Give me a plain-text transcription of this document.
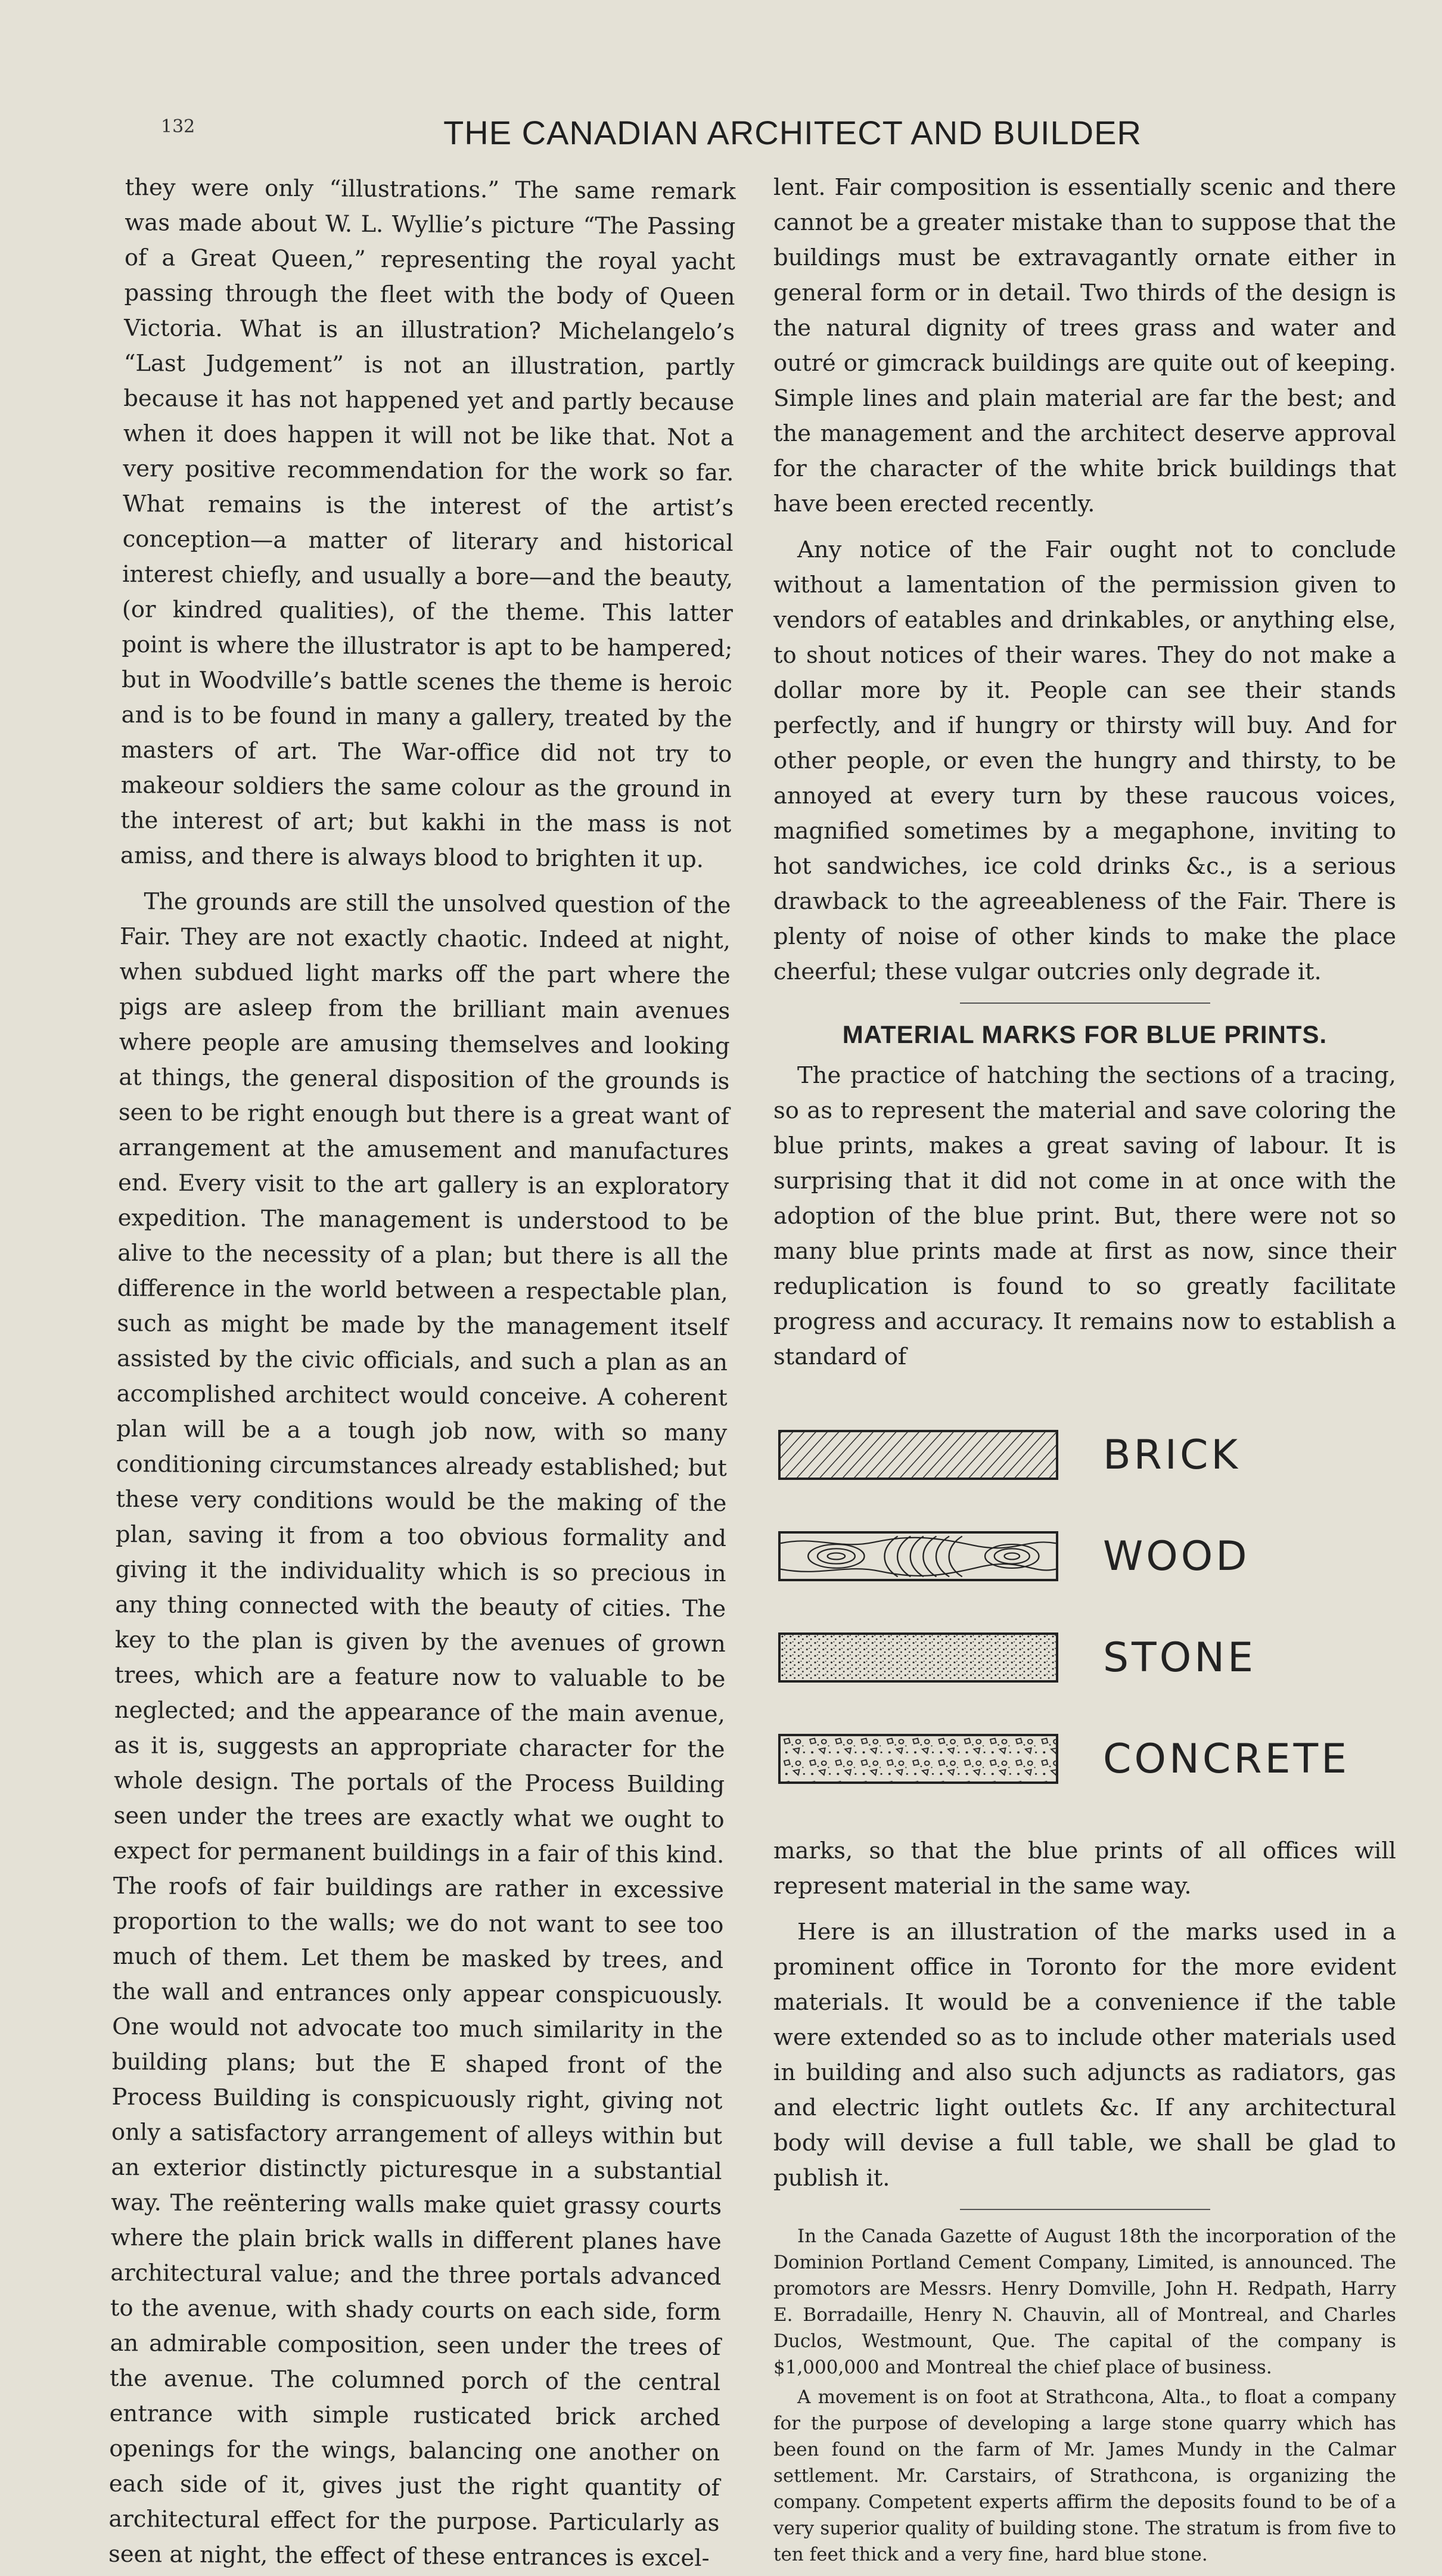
132	THE CANADIAN ARCHITECT AND BUILDER

they were only “illustrations.” The same remark was made about W. L. Wyllie’s picture “The Passing of a Great Queen,” representing the royal yacht passing through the fleet with the body of Queen Victoria. What is an illustration? Michelangelo’s “Last Judgement” is not an illustration, partly because it has not happened yet and partly because when it does happen it will not be like that. Not a very positive recommendation for the work so far. What remains is the interest of the artist’s conception—a matter of literary and historical interest chiefly, and usually a bore—and the beauty, (or kindred qualities), of the theme. This latter point is where the illustrator is apt to be hampered; but in Woodville’s battle scenes the theme is heroic and is to be found in many a gallery, treated by the masters of art. The War-office did not try to makeour soldiers the same colour as the ground in the interest of art; but kakhi in the mass is not amiss, and there is always blood to brighten it up.

The grounds are still the unsolved question of the Fair. They are not exactly chaotic. Indeed at night, when subdued light marks off the part where the pigs are asleep from the brilliant main avenues where people are amusing themselves and looking at things, the general disposition of the grounds is seen to be right enough but there is a great want of arrangement at the amusement and manufactures end. Every visit to the art gallery is an exploratory expedition. The management is understood to be alive to the necessity of a plan; but there is all the difference in the world between a respectable plan, such as might be made by the management itself assisted by the civic officials, and such a plan as an accomplished architect would conceive. A coherent plan will be a a tough job now, with so many conditioning circumstances already established; but these very conditions would be the making of the plan, saving it from a too obvious formality and giving it the individuality which is so precious in any thing connected with the beauty of cities. The key to the plan is given by the avenues of grown trees, which are a feature now to valuable to be neglected; and the appearance of the main avenue, as it is, suggests an appropriate character for the whole design. The portals of the Process Building seen under the trees are exactly what we ought to expect for permanent buildings in a fair of this kind. The roofs of fair buildings are rather in excessive proportion to the walls; we do not want to see too much of them. Let them be masked by trees, and the wall and entrances only appear conspicuously. One would not advocate too much similarity in the building plans; but the E shaped front of the Process Building is conspicuously right, giving not only a satisfactory arrangement of alleys within but an exterior distinctly picturesque in a substantial way. The reëntering walls make quiet grassy courts where the plain brick walls in different planes have architectural value; and the three portals advanced to the avenue, with shady courts on each side, form an admirable composition, seen under the trees of the avenue. The columned porch of the central entrance with simple rusticated brick arched openings for the wings, balancing one another on each side of it, gives just the right quantity of architectural effect for the purpose. Particularly as seen at night, the effect of these entrances is excel-

lent. Fair composition is essentially scenic and there cannot be a greater mistake than to suppose that the buildings must be extravagantly ornate either in general form or in detail. Two thirds of the design is the natural dignity of trees grass and water and outré or gimcrack buildings are quite out of keeping. Simple lines and plain material are far the best; and the management and the architect deserve approval for the character of the white brick buildings that have been erected recently.

Any notice of the Fair ought not to conclude without a lamentation of the permission given to vendors of eatables and drinkables, or anything else, to shout notices of their wares. They do not make a dollar more by it. People can see their stands perfectly, and if hungry or thirsty will buy. And for other people, or even the hungry and thirsty, to be annoyed at every turn by these raucous voices, magnified sometimes by a megaphone, inviting to hot sandwiches, ice cold drinks &c., is a serious drawback to the agreeableness of the Fair. There is plenty of noise of other kinds to make the place cheerful; these vulgar outcries only degrade it.

MATERIAL MARKS FOR BLUE PRINTS.

The practice of hatching the sections of a tracing, so as to represent the material and save coloring the blue prints, makes a great saving of labour. It is surprising that it did not come in at once with the adoption of the blue print. But, there were not so many blue prints made at first as now, since their reduplication is found to so greatly facilitate progress and accuracy. It remains now to establish a standard of

BRICK
WOOD
STONE
CONCRETE

marks, so that the blue prints of all offices will represent material in the same way.

Here is an illustration of the marks used in a prominent office in Toronto for the more evident materials. It would be a convenience if the table were extended so as to include other materials used in building and also such adjuncts as radiators, gas and electric light outlets &c. If any architectural body will devise a full table, we shall be glad to publish it.

In the Canada Gazette of August 18th the incorporation of the Dominion Portland Cement Company, Limited, is announced. The promotors are Messrs. Henry Domville, John H. Redpath, Harry E. Borradaille, Henry N. Chauvin, all of Montreal, and Charles Duclos, Westmount, Que. The capital of the company is $1,000,000 and Montreal the chief place of business.

A movement is on foot at Strathcona, Alta., to float a company for the purpose of developing a large stone quarry which has been found on the farm of Mr. James Mundy in the Calmar settlement. Mr. Carstairs, of Strathcona, is organizing the company. Competent experts affirm the deposits found to be of a very superior quality of building stone. The stratum is from five to ten feet thick and a very fine, hard blue stone.
